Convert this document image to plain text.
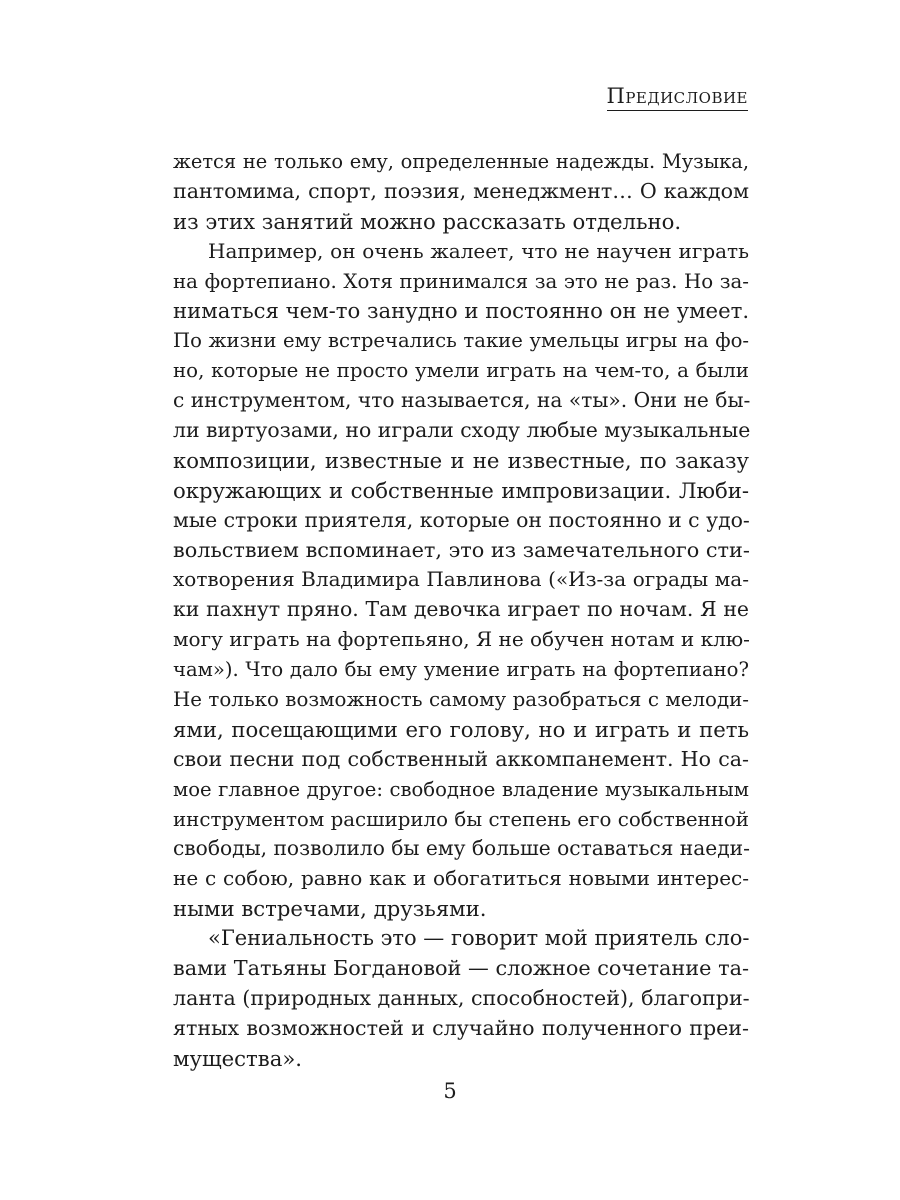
Предисловие
жется не только ему, определенные надежды. Музыка,
пантомима, спорт, поэзия, менеджмент… О каждом
из этих занятий можно рассказать отдельно.
Например, он очень жалеет, что не научен играть
на фортепиано. Хотя принимался за это не раз. Но за-
ниматься чем-то занудно и постоянно он не умеет.
По жизни ему встречались такие умельцы игры на фо-
но, которые не просто умели играть на чем-то, а были
с инструментом, что называется, на «ты». Они не бы-
ли виртуозами, но играли сходу любые музыкальные
композиции, известные и не известные, по заказу
окружающих и собственные импровизации. Люби-
мые строки приятеля, которые он постоянно и с удо-
вольствием вспоминает, это из замечательного сти-
хотворения Владимира Павлинова («Из-за ограды ма-
ки пахнут пряно. Там девочка играет по ночам. Я не
могу играть на фортепьяно, Я не обучен нотам и клю-
чам»). Что дало бы ему умение играть на фортепиано?
Не только возможность самому разобраться с мелоди-
ями, посещающими его голову, но и играть и петь
свои песни под собственный аккомпанемент. Но са-
мое главное другое: свободное владение музыкальным
инструментом расширило бы степень его собственной
свободы, позволило бы ему больше оставаться наеди-
не с собою, равно как и обогатиться новыми интерес-
ными встречами, друзьями.
«Гениальность это — говорит мой приятель сло-
вами Татьяны Богдановой — сложное сочетание та-
ланта (природных данных, способностей), благопри-
ятных возможностей и случайно полученного преи-
мущества».
5
